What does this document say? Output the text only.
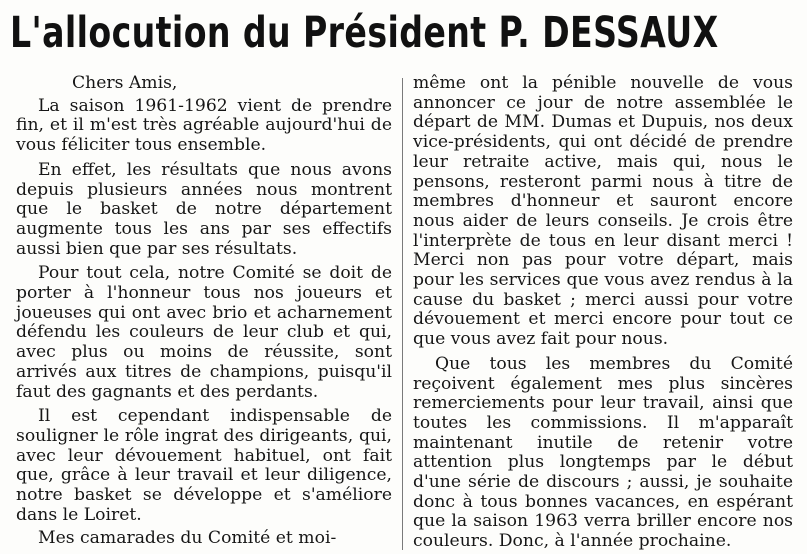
L'allocution du Président P. DESSAUX

Chers Amis,

La saison 1961-1962 vient de prendre fin, et il m'est très agréable aujourd'hui de vous féliciter tous ensemble.

En effet, les résultats que nous avons depuis plusieurs années nous montrent que le basket de notre département augmente tous les ans par ses effectifs aussi bien que par ses résultats.

Pour tout cela, notre Comité se doit de porter à l'honneur tous nos joueurs et joueuses qui ont avec brio et acharnement défendu les couleurs de leur club et qui, avec plus ou moins de réussite, sont arrivés aux titres de champions, puisqu'il faut des gagnants et des perdants.

Il est cependant indispensable de souligner le rôle ingrat des dirigeants, qui, avec leur dévouement habituel, ont fait que, grâce à leur travail et leur diligence, notre basket se développe et s'améliore dans le Loiret.

Mes camarades du Comité et moi-

même ont la pénible nouvelle de vous annoncer ce jour de notre assemblée le départ de MM. Dumas et Dupuis, nos deux vice-présidents, qui ont décidé de prendre leur retraite active, mais qui, nous le pensons, resteront parmi nous à titre de membres d'honneur et sauront encore nous aider de leurs conseils. Je crois être l'interprète de tous en leur disant merci ! Merci non pas pour votre départ, mais pour les services que vous avez rendus à la cause du basket ; merci aussi pour votre dévouement et merci encore pour tout ce que vous avez fait pour nous.

Que tous les membres du Comité reçoivent également mes plus sincères remerciements pour leur travail, ainsi que toutes les commissions. Il m'apparaît maintenant inutile de retenir votre attention plus longtemps par le début d'une série de discours ; aussi, je souhaite donc à tous bonnes vacances, en espérant que la saison 1963 verra briller encore nos couleurs. Donc, à l'année prochaine.
